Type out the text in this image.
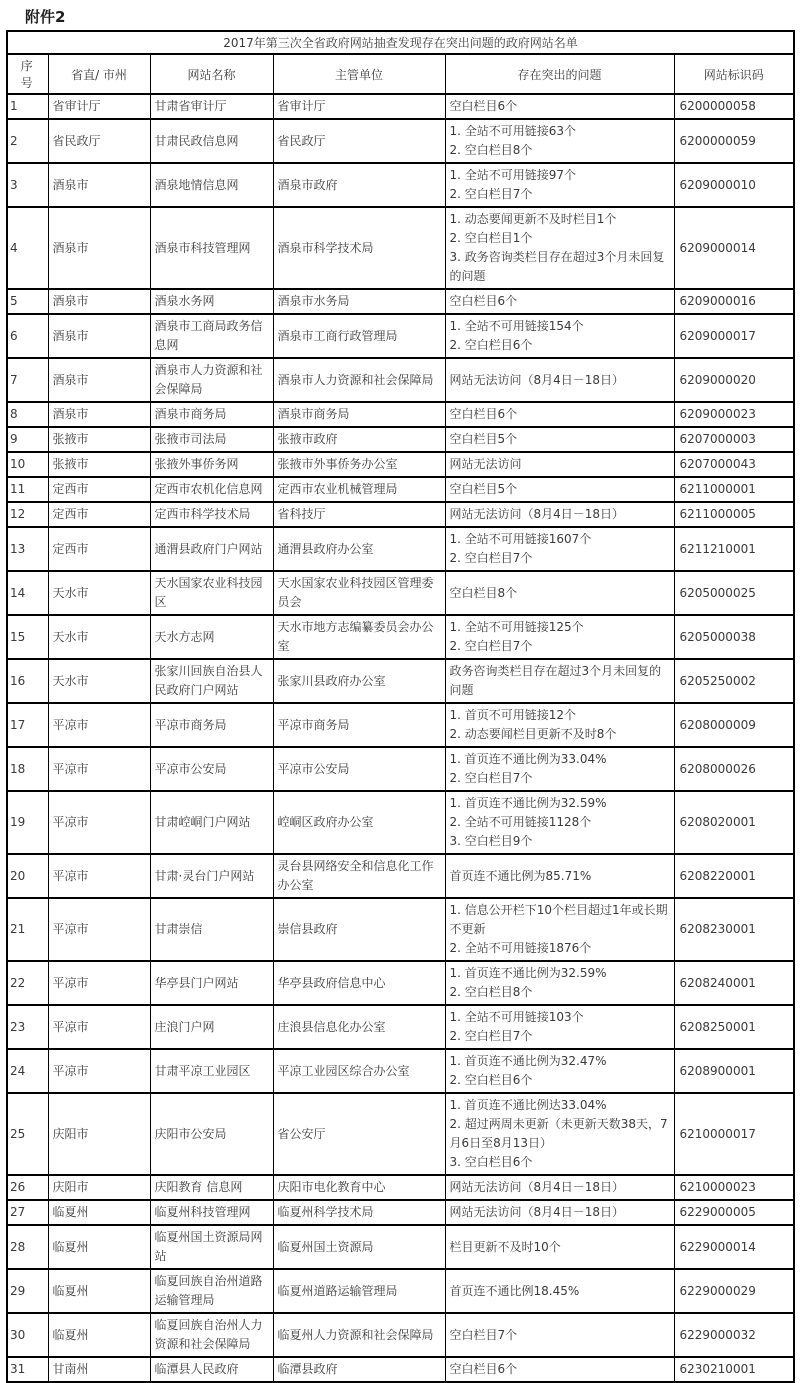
附件2
2017年第三次全省政府网站抽查发现存在突出问题的政府网站名单					
序 号	省直/ 市州	网站名称	主管单位	存在突出的问题	网站标识码
1	省审计厅	甘肃省审计厅	省审计厅	空白栏目6个	6200000058
2	省民政厅	甘肃民政信息网	省民政厅	1. 全站不可用链接63个
2. 空白栏目8个	6200000059
3	酒泉市	酒泉地情信息网	酒泉市政府	1. 全站不可用链接97个
2. 空白栏目7个	6209000010
4	酒泉市	酒泉市科技管理网	酒泉市科学技术局	1. 动态要闻更新不及时栏目1个
2. 空白栏目1个
3. 政务咨询类栏目存在超过3个月未回复的问题	6209000014
5	酒泉市	酒泉水务网	酒泉市水务局	空白栏目6个	6209000016
6	酒泉市	酒泉市工商局政务信息网	酒泉市工商行政管理局	1. 全站不可用链接154个
2. 空白栏目6个	6209000017
7	酒泉市	酒泉市人力资源和社会保障局	酒泉市人力资源和社会保障局	网站无法访问（8月4日－18日）	6209000020
8	酒泉市	酒泉市商务局	酒泉市商务局	空白栏目6个	6209000023
9	张掖市	张掖市司法局	张掖市政府	空白栏目5个	6207000003
10	张掖市	张掖外事侨务网	张掖市外事侨务办公室	网站无法访问	6207000043
11	定西市	定西市农机化信息网	定西市农业机械管理局	空白栏目5个	6211000001
12	定西市	定西市科学技术局	省科技厅	网站无法访问（8月4日－18日）	6211000005
13	定西市	通渭县政府门户网站	通渭县政府办公室	1. 全站不可用链接1607个
2. 空白栏目7个	6211210001
14	天水市	天水国家农业科技园区	天水国家农业科技园区管理委员会	空白栏目8个	6205000025
15	天水市	天水方志网	天水市地方志编纂委员会办公室	1. 全站不可用链接125个
2. 空白栏目7个	6205000038
16	天水市	张家川回族自治县人民政府门户网站	张家川县政府办公室	政务咨询类栏目存在超过3个月未回复的问题	6205250002
17	平凉市	平凉市商务局	平凉市商务局	1. 首页不可用链接12个
2. 动态要闻栏目更新不及时8个	6208000009
18	平凉市	平凉市公安局	平凉市公安局	1. 首页连不通比例为33.04%
2. 空白栏目7个	6208000026
19	平凉市	甘肃崆峒门户网站	崆峒区政府办公室	1. 首页连不通比例为32.59%
2. 全站不可用链接1128个
3. 空白栏目9个	6208020001
20	平凉市	甘肃·灵台门户网站	灵台县网络安全和信息化工作办公室	首页连不通比例为85.71%	6208220001
21	平凉市	甘肃崇信	崇信县政府	1. 信息公开栏下10个栏目超过1年或长期不更新
2. 全站不可用链接1876个	6208230001
22	平凉市	华亭县门户网站	华亭县政府信息中心	1. 首页连不通比例为32.59%
2. 空白栏目8个	6208240001
23	平凉市	庄浪门户网	庄浪县信息化办公室	1. 全站不可用链接103个
2. 空白栏目7个	6208250001
24	平凉市	甘肃平凉工业园区	平凉工业园区综合办公室	1. 首页连不通比例为32.47%
2. 空白栏目6个	6208900001
25	庆阳市	庆阳市公安局	省公安厅	1. 首页连不通比例达33.04%
2. 超过两周未更新（未更新天数38天，7月6日至8月13日）
3. 空白栏目6个	6210000017
26	庆阳市	庆阳教育 信息网	庆阳市电化教育中心	网站无法访问（8月4日－18日）	6210000023
27	临夏州	临夏州科技管理网	临夏州科学技术局	网站无法访问（8月4日－18日）	6229000005
28	临夏州	临夏州国土资源局网站	临夏州国土资源局	栏目更新不及时10个	6229000014
29	临夏州	临夏回族自治州道路运输管理局	临夏州道路运输管理局	首页连不通比例18.45%	6229000029
30	临夏州	临夏回族自治州人力资源和社会保障局	临夏州人力资源和社会保障局	空白栏目7个	6229000032
31	甘南州	临潭县人民政府	临潭县政府	空白栏目6个	6230210001
